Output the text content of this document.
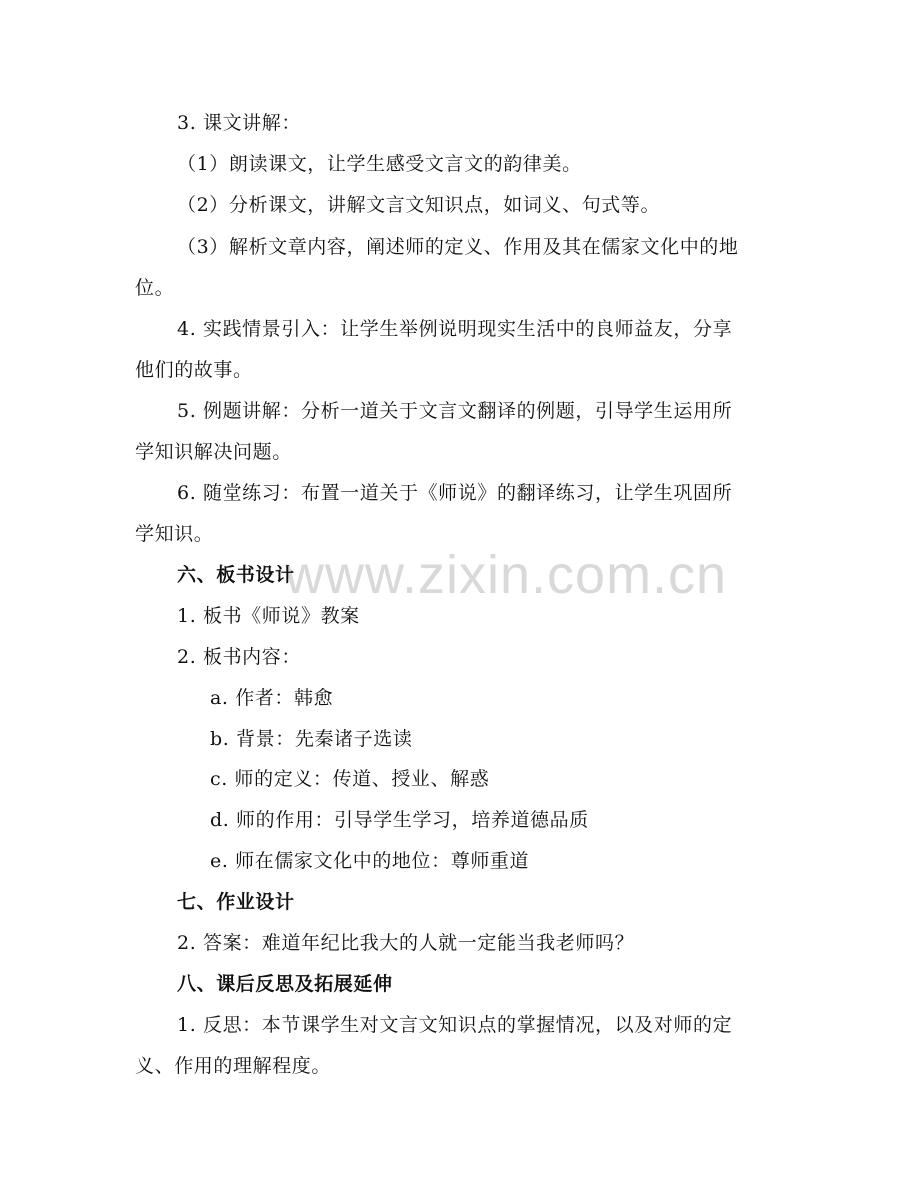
www.zixin.com.cn
3. 课文讲解：
（1）朗读课文，让学生感受文言文的韵律美。
（2）分析课文，讲解文言文知识点，如词义、句式等。
（3）解析文章内容，阐述师的定义、作用及其在儒家文化中的地
位。
4. 实践情景引入：让学生举例说明现实生活中的良师益友，分享
他们的故事。
5. 例题讲解：分析一道关于文言文翻译的例题，引导学生运用所
学知识解决问题。
6. 随堂练习：布置一道关于《师说》的翻译练习，让学生巩固所
学知识。
六、板书设计
1. 板书《师说》教案
2. 板书内容：
a. 作者：韩愈
b. 背景：先秦诸子选读
c. 师的定义：传道、授业、解惑
d. 师的作用：引导学生学习，培养道德品质
e. 师在儒家文化中的地位：尊师重道
七、作业设计
2. 答案：难道年纪比我大的人就一定能当我老师吗？
八、课后反思及拓展延伸
1. 反思：本节课学生对文言文知识点的掌握情况，以及对师的定
义、作用的理解程度。
